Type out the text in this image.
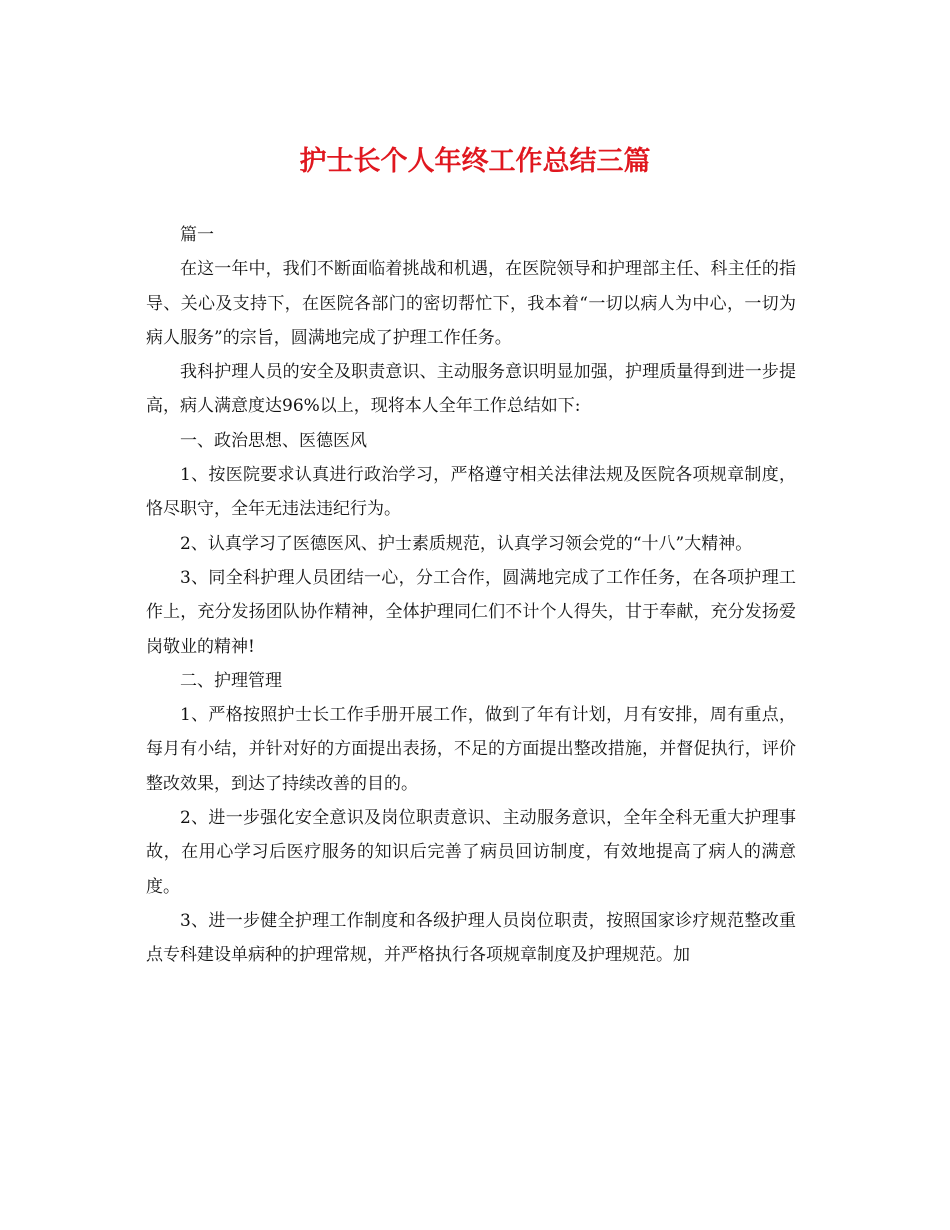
护士长个人年终工作总结三篇

篇一

在这一年中，我们不断面临着挑战和机遇，在医院领导和护理部主任、科主任的指导、关心及支持下，在医院各部门的密切帮忙下，我本着“一切以病人为中心，一切为病人服务”的宗旨，圆满地完成了护理工作任务。

我科护理人员的安全及职责意识、主动服务意识明显加强，护理质量得到进一步提高，病人满意度达96%以上，现将本人全年工作总结如下:

一、政治思想、医德医风

1、按医院要求认真进行政治学习，严格遵守相关法律法规及医院各项规章制度，恪尽职守，全年无违法违纪行为。

2、认真学习了医德医风、护士素质规范，认真学习领会党的“十八”大精神。

3、同全科护理人员团结一心，分工合作，圆满地完成了工作任务，在各项护理工作上，充分发扬团队协作精神，全体护理同仁们不计个人得失，甘于奉献，充分发扬爱岗敬业的精神!

二、护理管理

1、严格按照护士长工作手册开展工作，做到了年有计划，月有安排，周有重点，每月有小结，并针对好的方面提出表扬，不足的方面提出整改措施，并督促执行，评价整改效果，到达了持续改善的目的。

2、进一步强化安全意识及岗位职责意识、主动服务意识，全年全科无重大护理事故，在用心学习后医疗服务的知识后完善了病员回访制度，有效地提高了病人的满意度。

3、进一步健全护理工作制度和各级护理人员岗位职责，按照国家诊疗规范整改重点专科建设单病种的护理常规，并严格执行各项规章制度及护理规范。加
